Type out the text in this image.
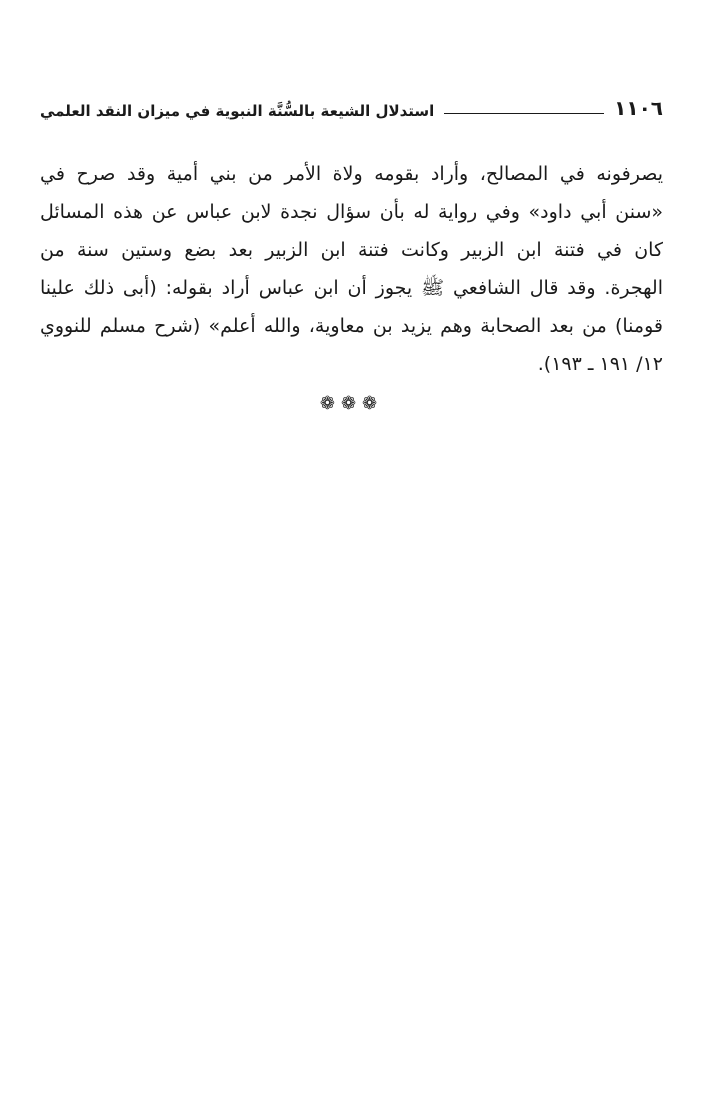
١١٠٦
استدلال الشيعة بالسُّنَّة النبوية في ميزان النقد العلمي
يصرفونه في المصالح، وأراد بقومه ولاة الأمر من بني أمية وقد صرح في
«سنن أبي داود» وفي رواية له بأن سؤال نجدة لابن عباس عن هذه المسائل
كان في فتنة ابن الزبير وكانت فتنة ابن الزبير بعد بضع وستين سنة من
الهجرة. وقد قال الشافعي ﷺ يجوز أن ابن عباس أراد بقوله: (أبى ذلك علينا
قومنا) من بعد الصحابة وهم يزيد بن معاوية، والله أعلم» (شرح مسلم للنووي
١٢/ ١٩١ ـ ١٩٣).
❁❁❁
